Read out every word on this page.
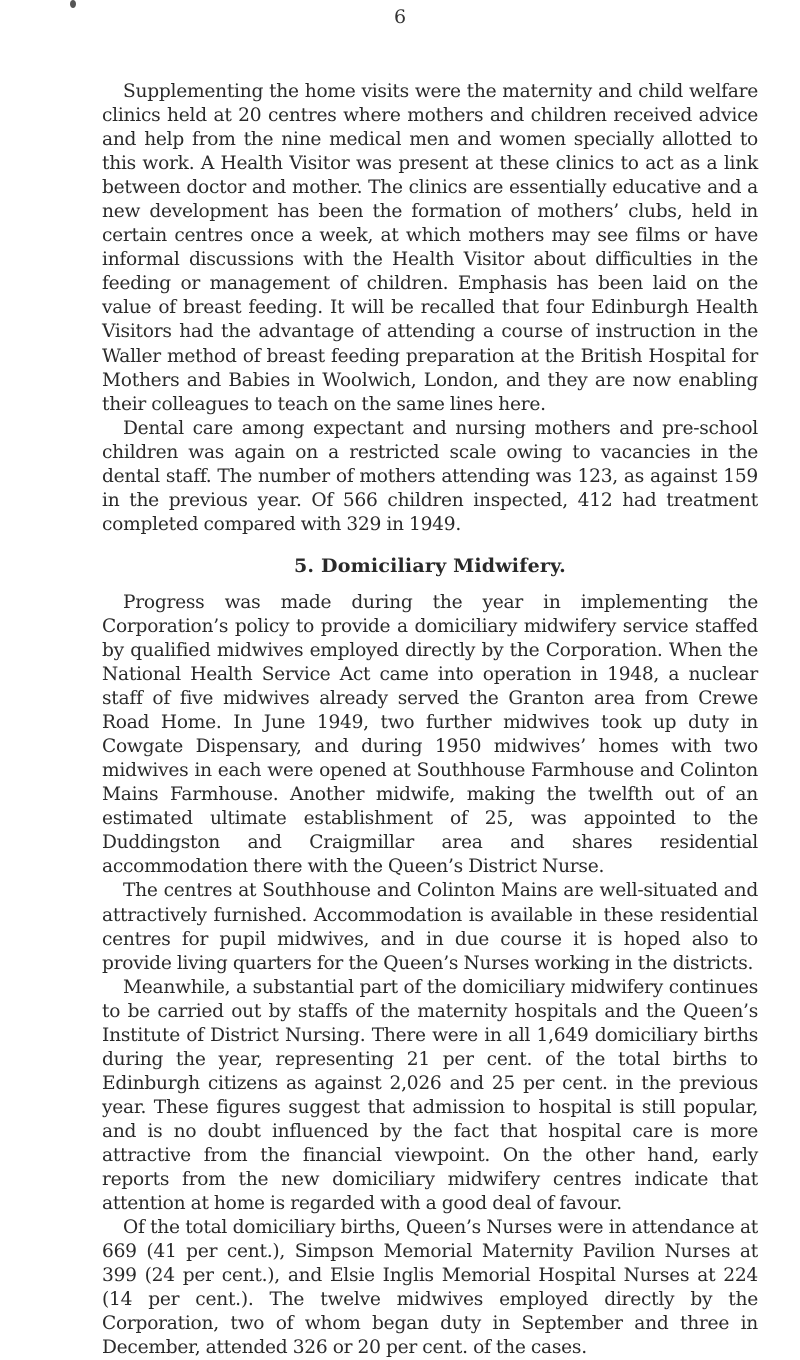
6

Supplementing the home visits were the maternity and child welfare clinics held at 20 centres where mothers and children received advice and help from the nine medical men and women specially allotted to this work. A Health Visitor was present at these clinics to act as a link between doctor and mother. The clinics are essentially educative and a new development has been the formation of mothers’ clubs, held in certain centres once a week, at which mothers may see films or have informal discussions with the Health Visitor about difficulties in the feeding or management of children. Emphasis has been laid on the value of breast feeding. It will be recalled that four Edinburgh Health Visitors had the advantage of attending a course of instruction in the Waller method of breast feeding preparation at the British Hospital for Mothers and Babies in Woolwich, London, and they are now enabling their colleagues to teach on the same lines here.

Dental care among expectant and nursing mothers and pre-school children was again on a restricted scale owing to vacancies in the dental staff. The number of mothers attending was 123, as against 159 in the previous year. Of 566 children inspected, 412 had treatment completed compared with 329 in 1949.

5. Domiciliary Midwifery.

Progress was made during the year in implementing the Corporation’s policy to provide a domiciliary midwifery service staffed by qualified midwives employed directly by the Corporation. When the National Health Service Act came into operation in 1948, a nuclear staff of five midwives already served the Granton area from Crewe Road Home. In June 1949, two further midwives took up duty in Cowgate Dispensary, and during 1950 midwives’ homes with two midwives in each were opened at Southhouse Farmhouse and Colinton Mains Farmhouse. Another midwife, making the twelfth out of an estimated ultimate establishment of 25, was appointed to the Duddingston and Craigmillar area and shares residential accommodation there with the Queen’s District Nurse.

The centres at Southhouse and Colinton Mains are well-situated and attractively furnished. Accommodation is available in these residential centres for pupil midwives, and in due course it is hoped also to provide living quarters for the Queen’s Nurses working in the districts.

Meanwhile, a substantial part of the domiciliary midwifery continues to be carried out by staffs of the maternity hospitals and the Queen’s Institute of District Nursing. There were in all 1,649 domiciliary births during the year, representing 21 per cent. of the total births to Edinburgh citizens as against 2,026 and 25 per cent. in the previous year. These figures suggest that admission to hospital is still popular, and is no doubt influenced by the fact that hospital care is more attractive from the financial viewpoint. On the other hand, early reports from the new domiciliary midwifery centres indicate that attention at home is regarded with a good deal of favour.

Of the total domiciliary births, Queen’s Nurses were in attendance at 669 (41 per cent.), Simpson Memorial Maternity Pavilion Nurses at 399 (24 per cent.), and Elsie Inglis Memorial Hospital Nurses at 224 (14 per cent.). The twelve midwives employed directly by the Corporation, two of whom began duty in September and three in December, attended 326 or 20 per cent. of the cases.
